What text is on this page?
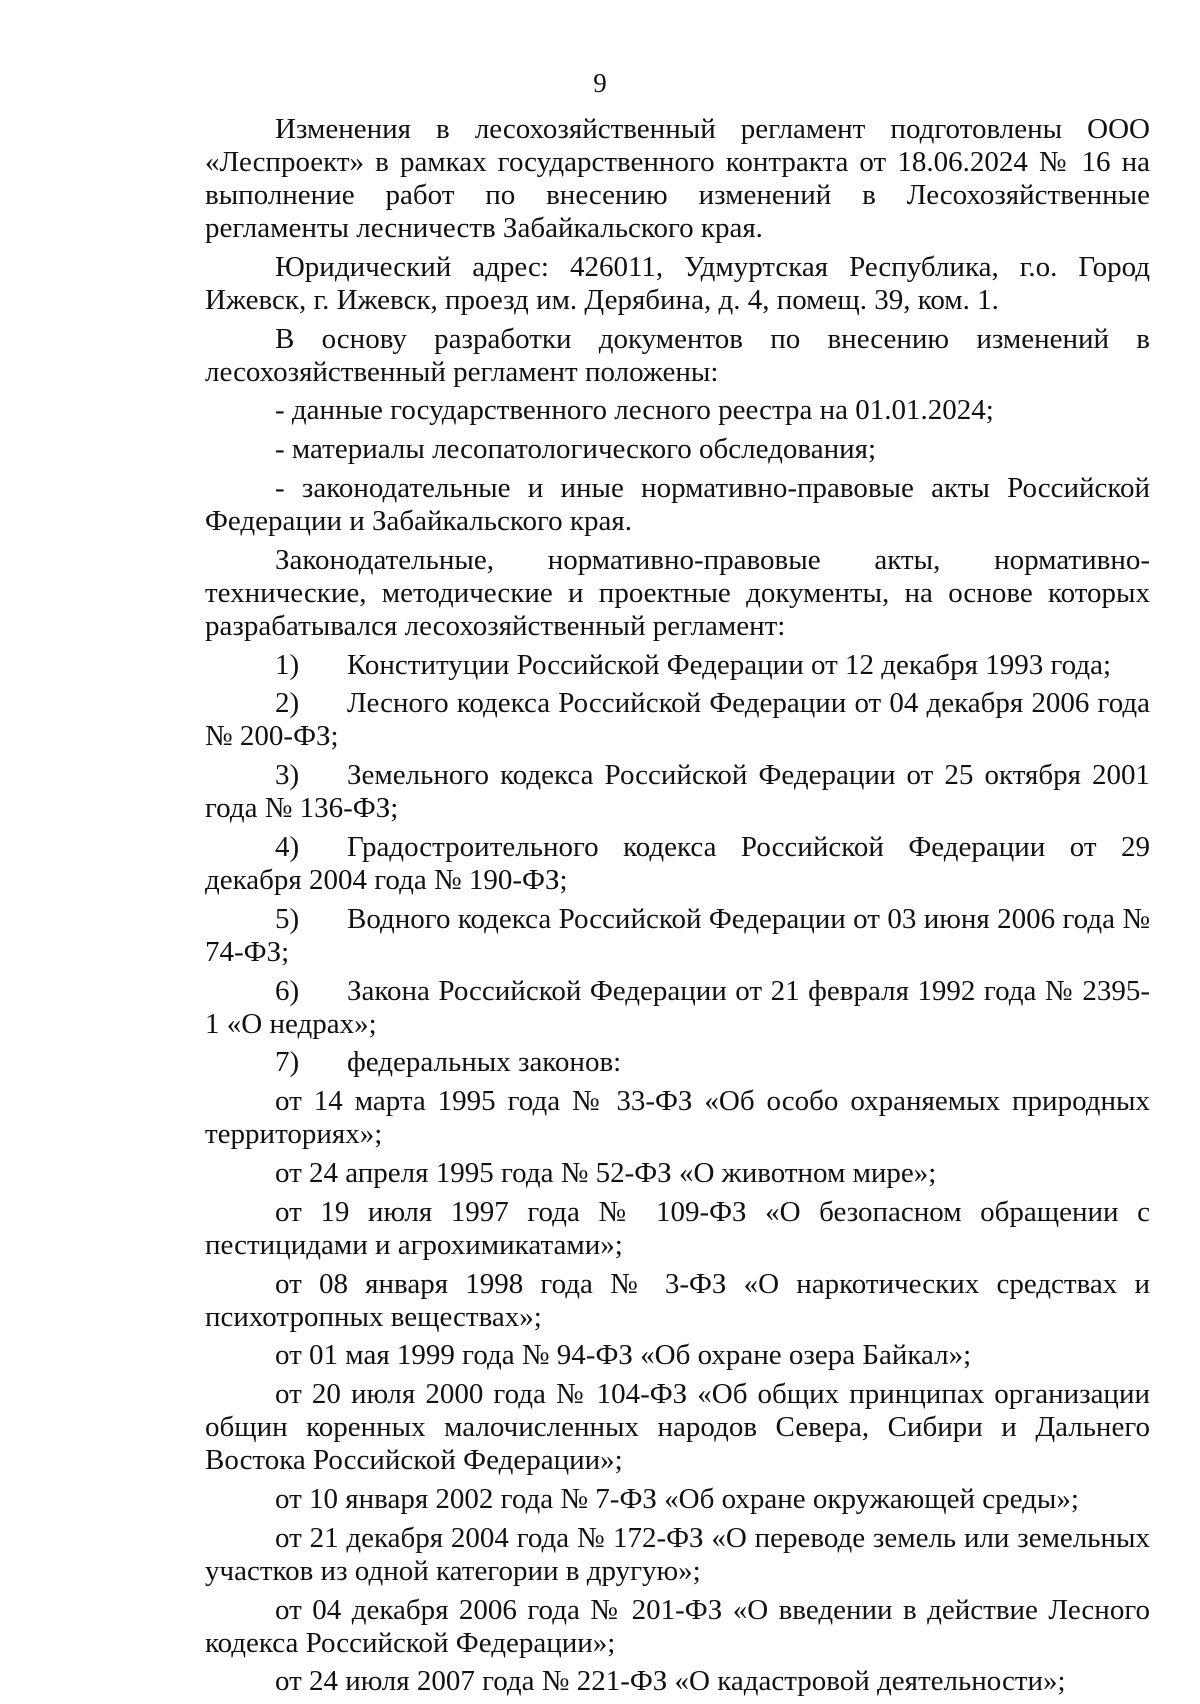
9

Изменения в лесохозяйственный регламент подготовлены ООО «Леспроект» в рамках государственного контракта от 18.06.2024 № 16 на выполнение работ по внесению изменений в Лесохозяйственные регламенты лесничеств Забайкальского края.

Юридический адрес: 426011, Удмуртская Республика, г.о. Город Ижевск, г. Ижевск, проезд им. Дерябина, д. 4, помещ. 39, ком. 1.

В основу разработки документов по внесению изменений в лесохозяйственный регламент положены:

- данные государственного лесного реестра на 01.01.2024;

- материалы лесопатологического обследования;

- законодательные и иные нормативно-правовые акты Российской Федерации и Забайкальского края.

Законодательные, нормативно-правовые акты, нормативно-технические, методические и проектные документы, на основе которых разрабатывался лесохозяйственный регламент:

1) Конституции Российской Федерации от 12 декабря 1993 года;

2) Лесного кодекса Российской Федерации от 04 декабря 2006 года № 200-ФЗ;

3) Земельного кодекса Российской Федерации от 25 октября 2001 года № 136-ФЗ;

4) Градостроительного кодекса Российской Федерации от 29 декабря 2004 года № 190-ФЗ;

5) Водного кодекса Российской Федерации от 03 июня 2006 года № 74-ФЗ;

6) Закона Российской Федерации от 21 февраля 1992 года № 2395-1 «О недрах»;

7) федеральных законов:

от 14 марта 1995 года № 33-ФЗ «Об особо охраняемых природных территориях»;

от 24 апреля 1995 года № 52-ФЗ «О животном мире»;

от 19 июля 1997 года № 109-ФЗ «О безопасном обращении с пестицидами и агрохимикатами»;

от 08 января 1998 года № 3-ФЗ «О наркотических средствах и психотропных веществах»;

от 01 мая 1999 года № 94-ФЗ «Об охране озера Байкал»;

от 20 июля 2000 года № 104-ФЗ «Об общих принципах организации общин коренных малочисленных народов Севера, Сибири и Дальнего Востока Российской Федерации»;

от 10 января 2002 года № 7-ФЗ «Об охране окружающей среды»;

от 21 декабря 2004 года № 172-ФЗ «О переводе земель или земельных участков из одной категории в другую»;

от 04 декабря 2006 года № 201-ФЗ «О введении в действие Лесного кодекса Российской Федерации»;

от 24 июля 2007 года № 221-ФЗ «О кадастровой деятельности»;
